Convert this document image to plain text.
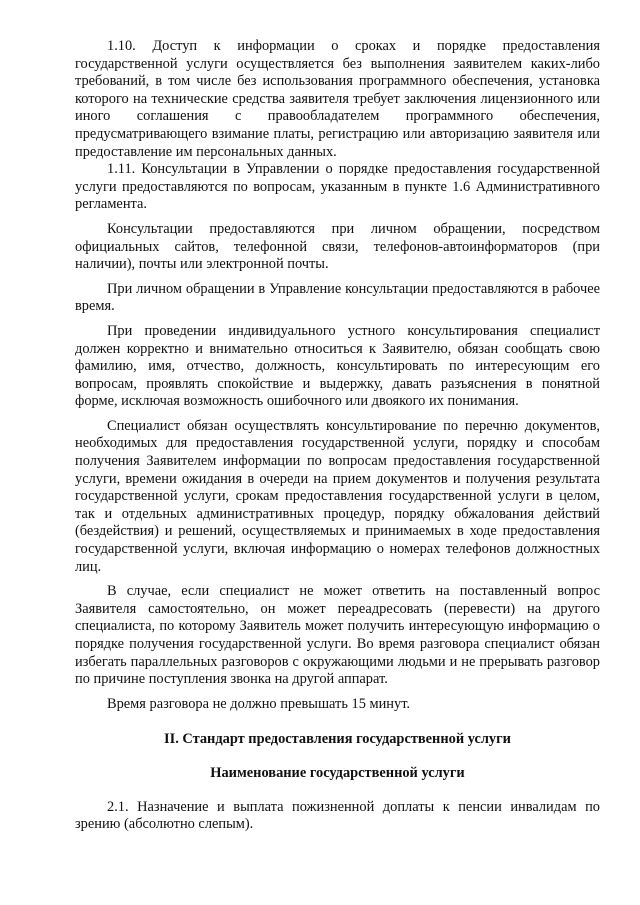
1.10. Доступ к информации о сроках и порядке предоставления государственной услуги осуществляется без выполнения заявителем каких-либо требований, в том числе без использования программного обеспечения, установка которого на технические средства заявителя требует заключения лицензионного или иного соглашения с правообладателем программного обеспечения, предусматривающего взимание платы, регистрацию или авторизацию заявителя или предоставление им персональных данных.

1.11. Консультации в Управлении о порядке предоставления государственной услуги предоставляются по вопросам, указанным в пункте 1.6 Административного регламента.

Консультации предоставляются при личном обращении, посредством официальных сайтов, телефонной связи, телефонов-автоинформаторов (при наличии), почты или электронной почты.

При личном обращении в Управление консультации предоставляются в рабочее время.

При проведении индивидуального устного консультирования специалист должен корректно и внимательно относиться к Заявителю, обязан сообщать свою фамилию, имя, отчество, должность, консультировать по интересующим его вопросам, проявлять спокойствие и выдержку, давать разъяснения в понятной форме, исключая возможность ошибочного или двоякого их понимания.

Специалист обязан осуществлять консультирование по перечню документов, необходимых для предоставления государственной услуги, порядку и способам получения Заявителем информации по вопросам предоставления государственной услуги, времени ожидания в очереди на прием документов и получения результата государственной услуги, срокам предоставления государственной услуги в целом, так и отдельных административных процедур, порядку обжалования действий (бездействия) и решений, осуществляемых и принимаемых в ходе предоставления государственной услуги, включая информацию о номерах телефонов должностных лиц.

В случае, если специалист не может ответить на поставленный вопрос Заявителя самостоятельно, он может переадресовать (перевести) на другого специалиста, по которому Заявитель может получить интересующую информацию о порядке получения государственной услуги. Во время разговора специалист обязан избегать параллельных разговоров с окружающими людьми и не прерывать разговор по причине поступления звонка на другой аппарат.

Время разговора не должно превышать 15 минут.

II. Стандарт предоставления государственной услуги

Наименование государственной услуги

2.1. Назначение и выплата пожизненной доплаты к пенсии инвалидам по зрению (абсолютно слепым).
